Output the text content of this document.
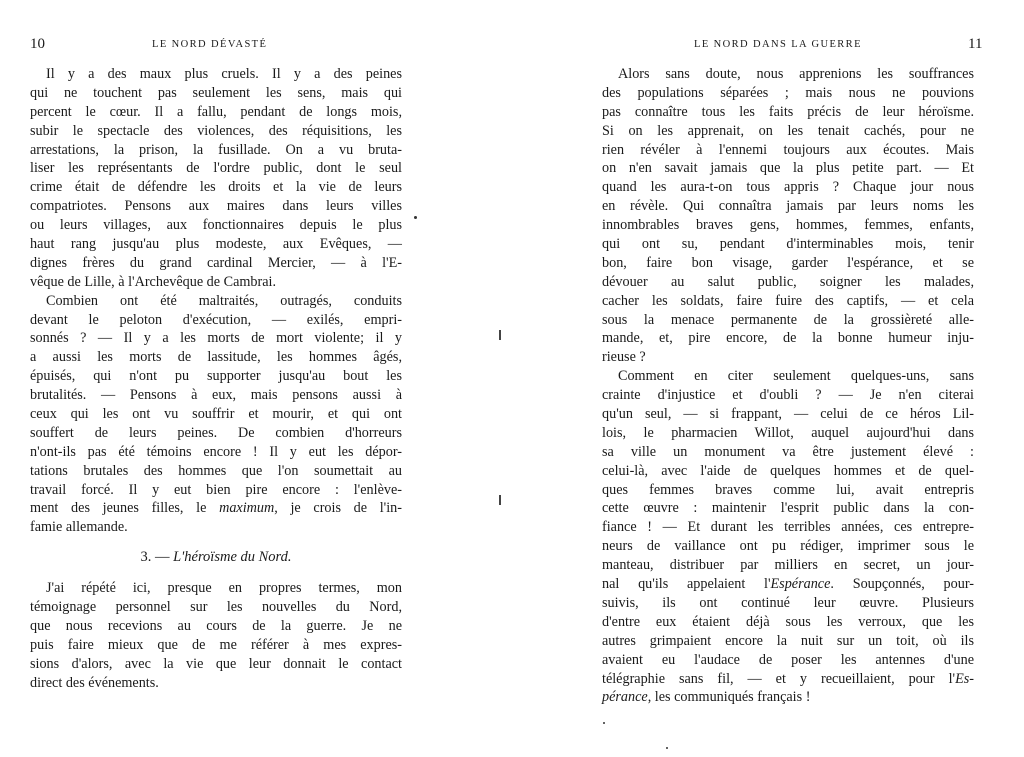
10	LE NORD DÉVASTÉ
Il y a des maux plus cruels. Il y a des peines
qui ne touchent pas seulement les sens, mais qui
percent le cœur. Il a fallu, pendant de longs mois,
subir le spectacle des violences, des réquisitions, les
arrestations, la prison, la fusillade. On a vu bruta-
liser les représentants de l'ordre public, dont le seul
crime était de défendre les droits et la vie de leurs
compatriotes. Pensons aux maires dans leurs villes
ou leurs villages, aux fonctionnaires depuis le plus
haut rang jusqu'au plus modeste, aux Evêques, —
dignes frères du grand cardinal Mercier, — à l'E-
vêque de Lille, à l'Archevêque de Cambrai.
Combien ont été maltraités, outragés, conduits
devant le peloton d'exécution, — exilés, empri-
sonnés ? — Il y a les morts de mort violente; il y
a aussi les morts de lassitude, les hommes âgés,
épuisés, qui n'ont pu supporter jusqu'au bout les
brutalités. — Pensons à eux, mais pensons aussi à
ceux qui les ont vu souffrir et mourir, et qui ont
souffert de leurs peines. De combien d'horreurs
n'ont-ils pas été témoins encore ! Il y eut les dépor-
tations brutales des hommes que l'on soumettait au
travail forcé. Il y eut bien pire encore : l'enlève-
ment des jeunes filles, le maximum, je crois de l'in-
famie allemande.
3. — L'héroïsme du Nord.
J'ai répété ici, presque en propres termes, mon
témoignage personnel sur les nouvelles du Nord,
que nous recevions au cours de la guerre. Je ne
puis faire mieux que de me référer à mes expres-
sions d'alors, avec la vie que leur donnait le contact
direct des événements.
LE NORD DANS LA GUERRE	11
Alors sans doute, nous apprenions les souffrances
des populations séparées ; mais nous ne pouvions
pas connaître tous les faits précis de leur héroïsme.
Si on les apprenait, on les tenait cachés, pour ne
rien révéler à l'ennemi toujours aux écoutes. Mais
on n'en savait jamais que la plus petite part. — Et
quand les aura-t-on tous appris ? Chaque jour nous
en révèle. Qui connaîtra jamais par leurs noms les
innombrables braves gens, hommes, femmes, enfants,
qui ont su, pendant d'interminables mois, tenir
bon, faire bon visage, garder l'espérance, et se
dévouer au salut public, soigner les malades,
cacher les soldats, faire fuire des captifs, — et cela
sous la menace permanente de la grossièreté alle-
mande, et, pire encore, de la bonne humeur inju-
rieuse ?
Comment en citer seulement quelques-uns, sans
crainte d'injustice et d'oubli ? — Je n'en citerai
qu'un seul, — si frappant, — celui de ce héros Lil-
lois, le pharmacien Willot, auquel aujourd'hui dans
sa ville un monument va être justement élevé :
celui-là, avec l'aide de quelques hommes et de quel-
ques femmes braves comme lui, avait entrepris
cette œuvre : maintenir l'esprit public dans la con-
fiance ! — Et durant les terribles années, ces entrepre-
neurs de vaillance ont pu rédiger, imprimer sous le
manteau, distribuer par milliers en secret, un jour-
nal qu'ils appelaient l'Espérance. Soupçonnés, pour-
suivis, ils ont continué leur œuvre. Plusieurs
d'entre eux étaient déjà sous les verroux, que les
autres grimpaient encore la nuit sur un toit, où ils
avaient eu l'audace de poser les antennes d'une
télégraphie sans fil, — et y recueillaient, pour l'Es-
pérance, les communiqués français !
